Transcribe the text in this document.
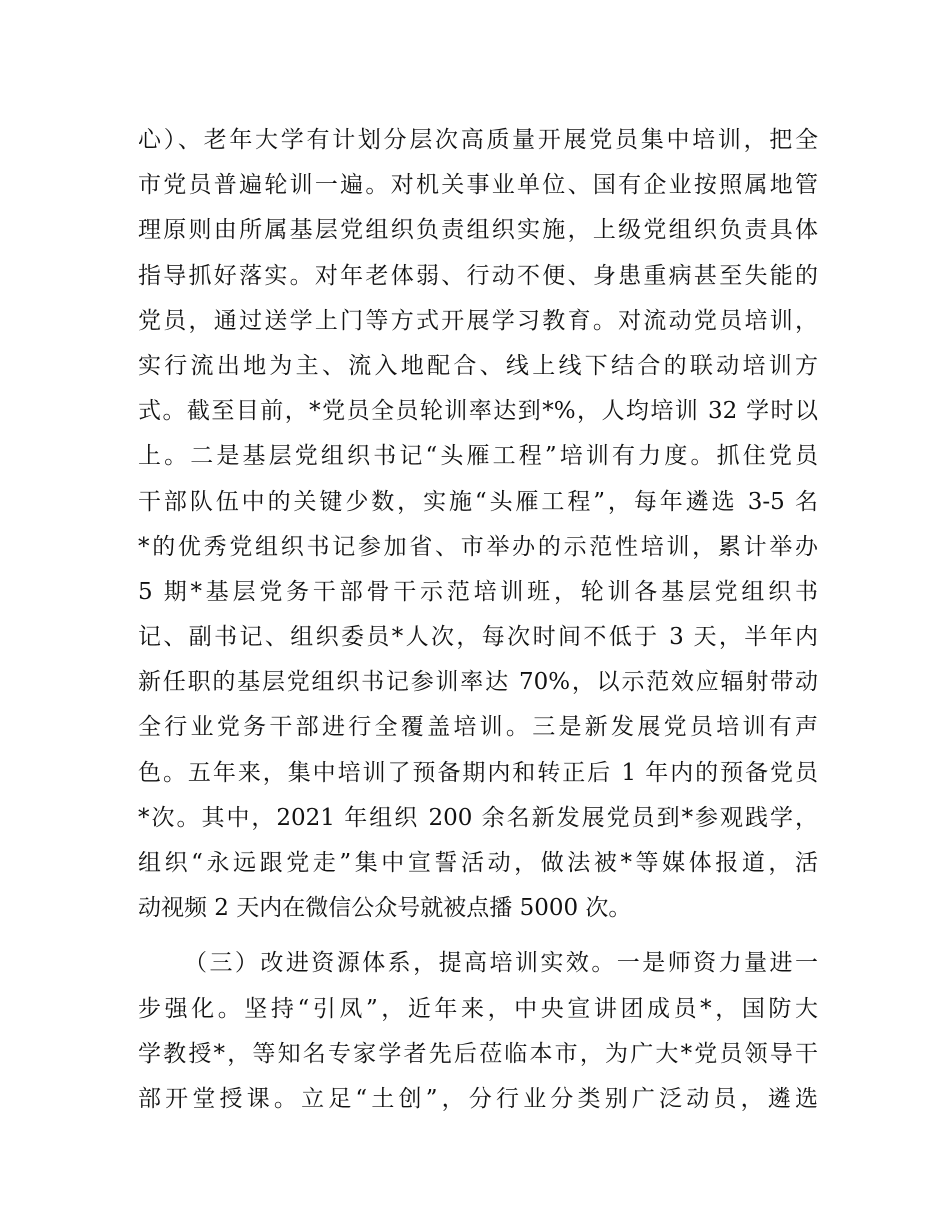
心）、老年大学有计划分层次高质量开展党员集中培训，把全
市党员普遍轮训一遍。对机关事业单位、国有企业按照属地管
理原则由所属基层党组织负责组织实施，上级党组织负责具体
指导抓好落实。对年老体弱、行动不便、身患重病甚至失能的
党员，通过送学上门等方式开展学习教育。对流动党员培训，
实行流出地为主、流入地配合、线上线下结合的联动培训方
式。截至目前，*党员全员轮训率达到*%，人均培训 32 学时以
上。二是基层党组织书记“头雁工程”培训有力度。抓住党员
干部队伍中的关键少数，实施“头雁工程”，每年遴选 3-5 名
*的优秀党组织书记参加省、市举办的示范性培训，累计举办
5 期*基层党务干部骨干示范培训班，轮训各基层党组织书
记、副书记、组织委员*人次，每次时间不低于 3 天，半年内
新任职的基层党组织书记参训率达 70%，以示范效应辐射带动
全行业党务干部进行全覆盖培训。三是新发展党员培训有声
色。五年来，集中培训了预备期内和转正后 1 年内的预备党员
*次。其中，2021 年组织 200 余名新发展党员到*参观践学，
组织“永远跟党走”集中宣誓活动，做法被*等媒体报道，活
动视频 2 天内在微信公众号就被点播 5000 次。
（三）改进资源体系，提高培训实效。一是师资力量进一
步强化。坚持“引凤”，近年来，中央宣讲团成员*，国防大
学教授*，等知名专家学者先后莅临本市，为广大*党员领导干
部开堂授课。立足“土创”，分行业分类别广泛动员，遴选
